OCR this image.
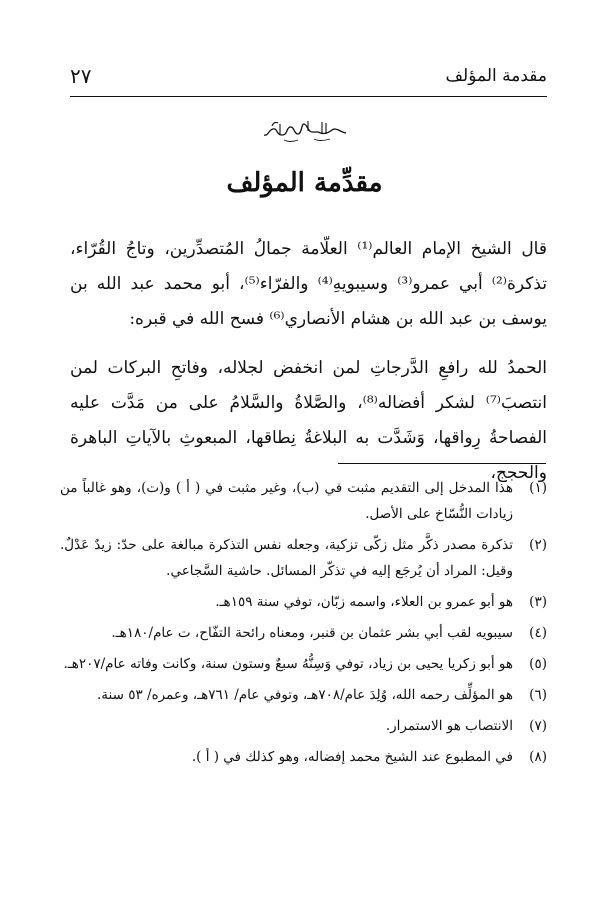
مقدمة المؤلف
٢٧
مقدِّمة المؤلف

قال الشيخ الإمام العالم⁽¹⁾ العلّامة جمالُ المُتصدِّرين، وتاجُ القُرّاء، تذكرة⁽²⁾ أبي عمرو⁽³⁾ وسيبويهِ⁽⁴⁾ والفرّاء⁽⁵⁾، أبو محمد عبد الله بن يوسف بن عبد الله بن هشام الأنصاري⁽⁶⁾ فسح الله في قبره:

الحمدُ لله رافعِ الدَّرجاتِ لمن انخفض لجلاله، وفاتحِ البركات لمن انتصبَ⁽⁷⁾ لشكر أفضاله⁽⁸⁾، والصَّلاةُ والسَّلامُ على من مَدَّت عليه الفصاحةُ رِواقها، وَشَدَّت به البلاغةُ نِطاقها، المبعوثِ بالآياتِ الباهرة والحجج،

(١)
هذا المدخل إلى التقديم مثبت في (ب)، وغير مثبت في ( أ ) و(ت)، وهو غالباً من زيادات النُّسّاخ على الأصل.
(٢)
تذكرة مصدر ذكَّر مثل زكّى تزكية، وجعله نفس التذكرة مبالغة على حدّ: زيدٌ عَدْلٌ. وقيل: المراد أن يُرجَع إليه في تذكّر المسائل. حاشية السَّجاعي.
(٣)
هو أبو عمرو بن العلاء، واسمه زبّان، توفي سنة ١٥٩هـ.
(٤)
سيبويه لقب أبي بشر عثمان بن قنبر، ومعناه رائحة التفّاح، ت عام/١٨٠هـ.
(٥)
هو أبو زكريا يحيى بن زياد، توفي وَسِنُّهُ سبعٌ وستون سنة، وكانت وفاته عام/٢٠٧هـ.
(٦)
هو المؤلِّف رحمه الله، وُلِدَ عام/٧٠٨هـ، وتوفي عام/ ٧٦١هـ، وعمره/ ٥٣ سنة.
(٧)
الانتصاب هو الاستمرار.
(٨)
في المطبوع عند الشيخ محمد إفضاله، وهو كذلك في ( أ ).
